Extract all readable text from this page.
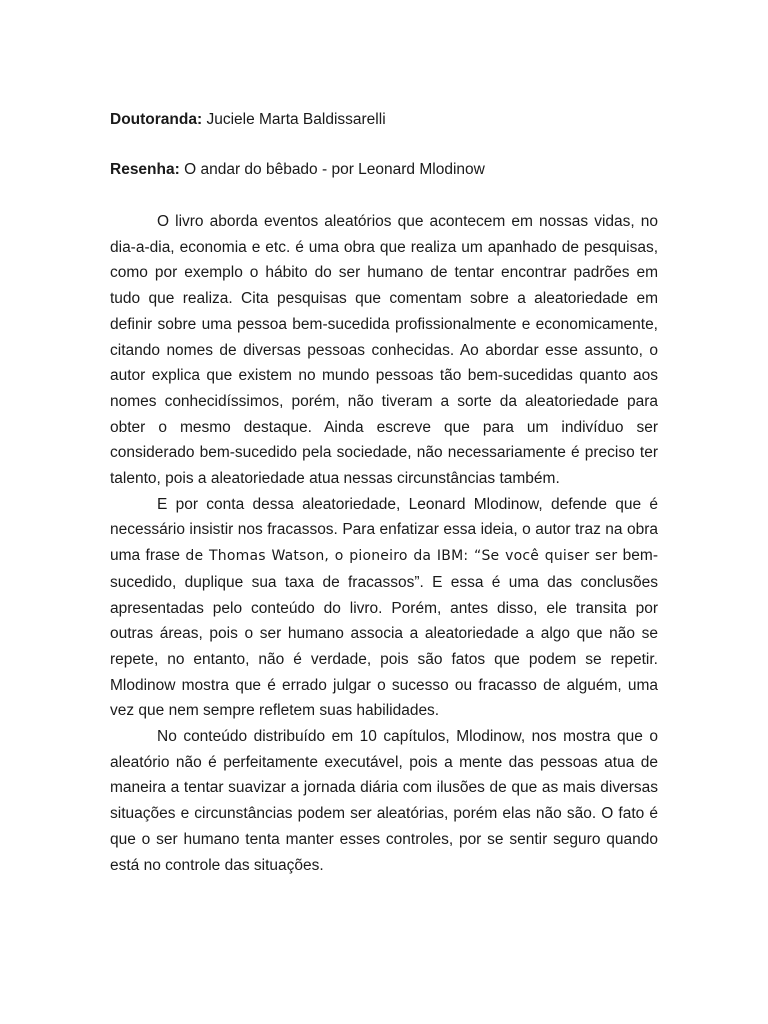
Doutoranda: Juciele Marta Baldissarelli
Resenha: O andar do bêbado - por Leonard Mlodinow

O livro aborda eventos aleatórios que acontecem em nossas vidas, no dia-a-dia, economia e etc. é uma obra que realiza um apanhado de pesquisas, como por exemplo o hábito do ser humano de tentar encontrar padrões em tudo que realiza. Cita pesquisas que comentam sobre a aleatoriedade em definir sobre uma pessoa bem-sucedida profissionalmente e economicamente, citando nomes de diversas pessoas conhecidas. Ao abordar esse assunto, o autor explica que existem no mundo pessoas tão bem-sucedidas quanto aos nomes conhecidíssimos, porém, não tiveram a sorte da aleatoriedade para obter o mesmo destaque. Ainda escreve que para um indivíduo ser considerado bem-sucedido pela sociedade, não necessariamente é preciso ter talento, pois a aleatoriedade atua nessas circunstâncias também.

E por conta dessa aleatoriedade, Leonard Mlodinow, defende que é necessário insistir nos fracassos. Para enfatizar essa ideia, o autor traz na obra uma frase de Thomas Watson, o pioneiro da IBM: “Se você quiser ser bem-sucedido, duplique sua taxa de fracassos”. E essa é uma das conclusões apresentadas pelo conteúdo do livro. Porém, antes disso, ele transita por outras áreas, pois o ser humano associa a aleatoriedade a algo que não se repete, no entanto, não é verdade, pois são fatos que podem se repetir. Mlodinow mostra que é errado julgar o sucesso ou fracasso de alguém, uma vez que nem sempre refletem suas habilidades.

No conteúdo distribuído em 10 capítulos, Mlodinow, nos mostra que o aleatório não é perfeitamente executável, pois a mente das pessoas atua de maneira a tentar suavizar a jornada diária com ilusões de que as mais diversas situações e circunstâncias podem ser aleatórias, porém elas não são. O fato é que o ser humano tenta manter esses controles, por se sentir seguro quando está no controle das situações.
